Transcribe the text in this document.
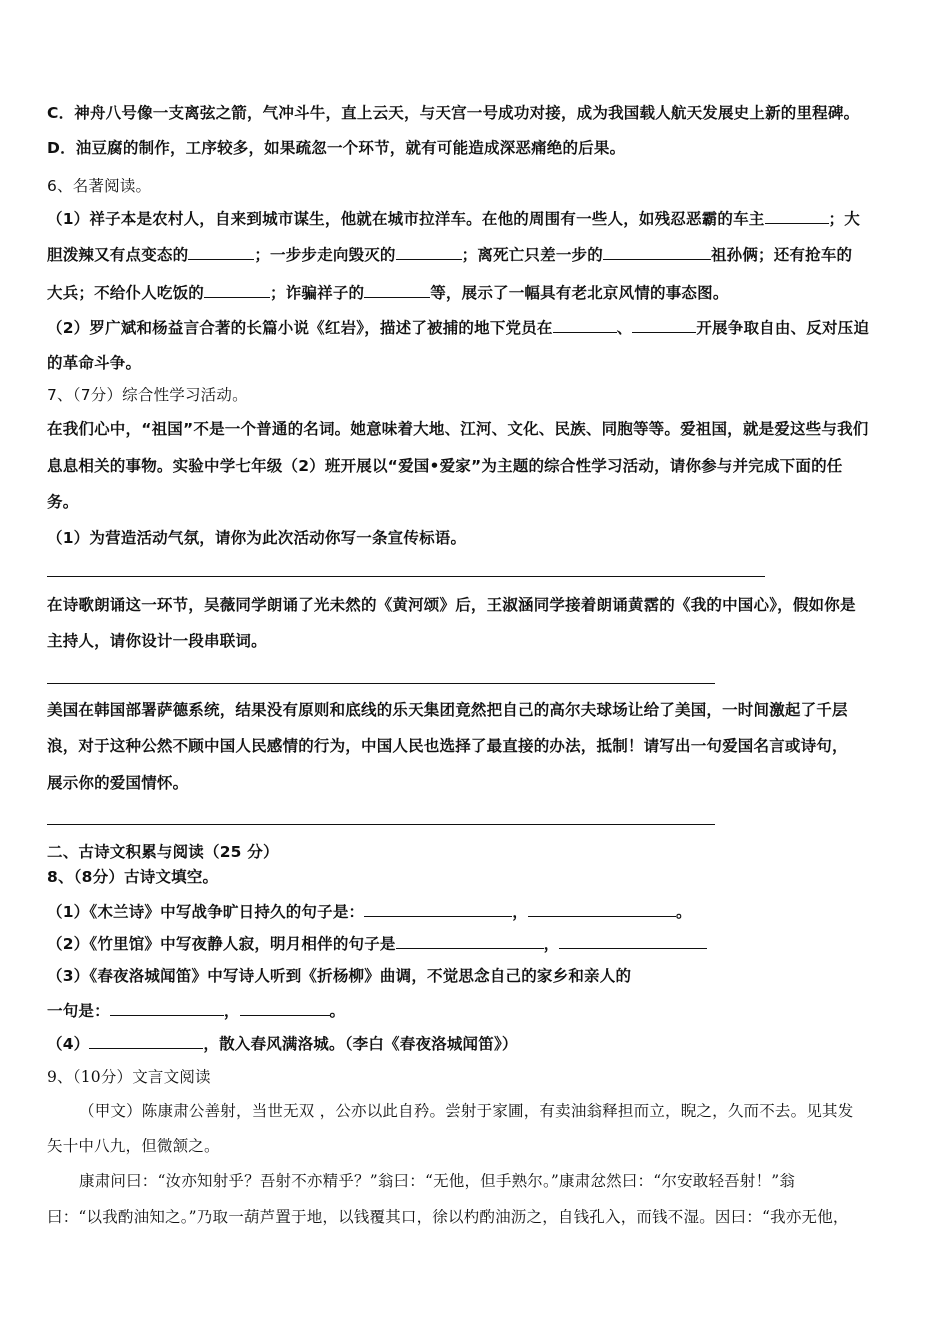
C．神舟八号像一支离弦之箭，气冲斗牛，直上云天，与天宫一号成功对接，成为我国载人航天发展史上新的里程碑。
D．油豆腐的制作，工序较多，如果疏忽一个环节，就有可能造成深恶痛绝的后果。
6、名著阅读。
（1）祥子本是农村人，自来到城市谋生，他就在城市拉洋车。在他的周围有一些人，如残忍恶霸的车主	；大
胆泼辣又有点变态的	；一步步走向毁灭的	；离死亡只差一步的	祖孙俩；还有抢车的
大兵；不给仆人吃饭的	；诈骗祥子的	等，展示了一幅具有老北京风情的事态图。
（2）罗广斌和杨益言合著的长篇小说《红岩》，描述了被捕的地下党员在	、	开展争取自由、反对压迫
的革命斗争。
7、（7分）综合性学习活动。
在我们心中，“祖国”不是一个普通的名词。她意味着大地、江河、文化、民族、同胞等等。爱祖国，就是爱这些与我们
息息相关的事物。实验中学七年级（2）班开展以“爱国•爱家”为主题的综合性学习活动，请你参与并完成下面的任
务。
（1）为营造活动气氛，请你为此次活动你写一条宣传标语。
在诗歌朗诵这一环节，吴薇同学朗诵了光未然的《黄河颂》后，王淑涵同学接着朗诵黄霑的《我的中国心》，假如你是
主持人，请你设计一段串联词。
美国在韩国部署萨德系统，结果没有原则和底线的乐天集团竟然把自己的高尔夫球场让给了美国，一时间激起了千层
浪，对于这种公然不顾中国人民感情的行为，中国人民也选择了最直接的办法，抵制！请写出一句爱国名言或诗句，
展示你的爱国情怀。
二、古诗文积累与阅读（25 分）
8、（8分）古诗文填空。
（1）《木兰诗》中写战争旷日持久的句子是：	，	。
（2）《竹里馆》中写夜静人寂，明月相伴的句子是	，
（3）《春夜洛城闻笛》中写诗人听到《折杨柳》曲调，不觉思念自己的家乡和亲人的
一句是：	，	。
（4）	，散入春风满洛城。（李白《春夜洛城闻笛》）
9、（10分）文言文阅读
（甲文）陈康肃公善射，当世无双 ，公亦以此自矜。尝射于家圃，有卖油翁释担而立，睨之，久而不去。见其发
矢十中八九，但微颔之。
康肃问曰：“汝亦知射乎？吾射不亦精乎？”翁曰：“无他，但手熟尔。”康肃忿然曰：“尔安敢轻吾射！”翁
曰：“以我酌油知之。”乃取一葫芦置于地，以钱覆其口，徐以杓酌油沥之，自钱孔入，而钱不湿。因曰：“我亦无他，
